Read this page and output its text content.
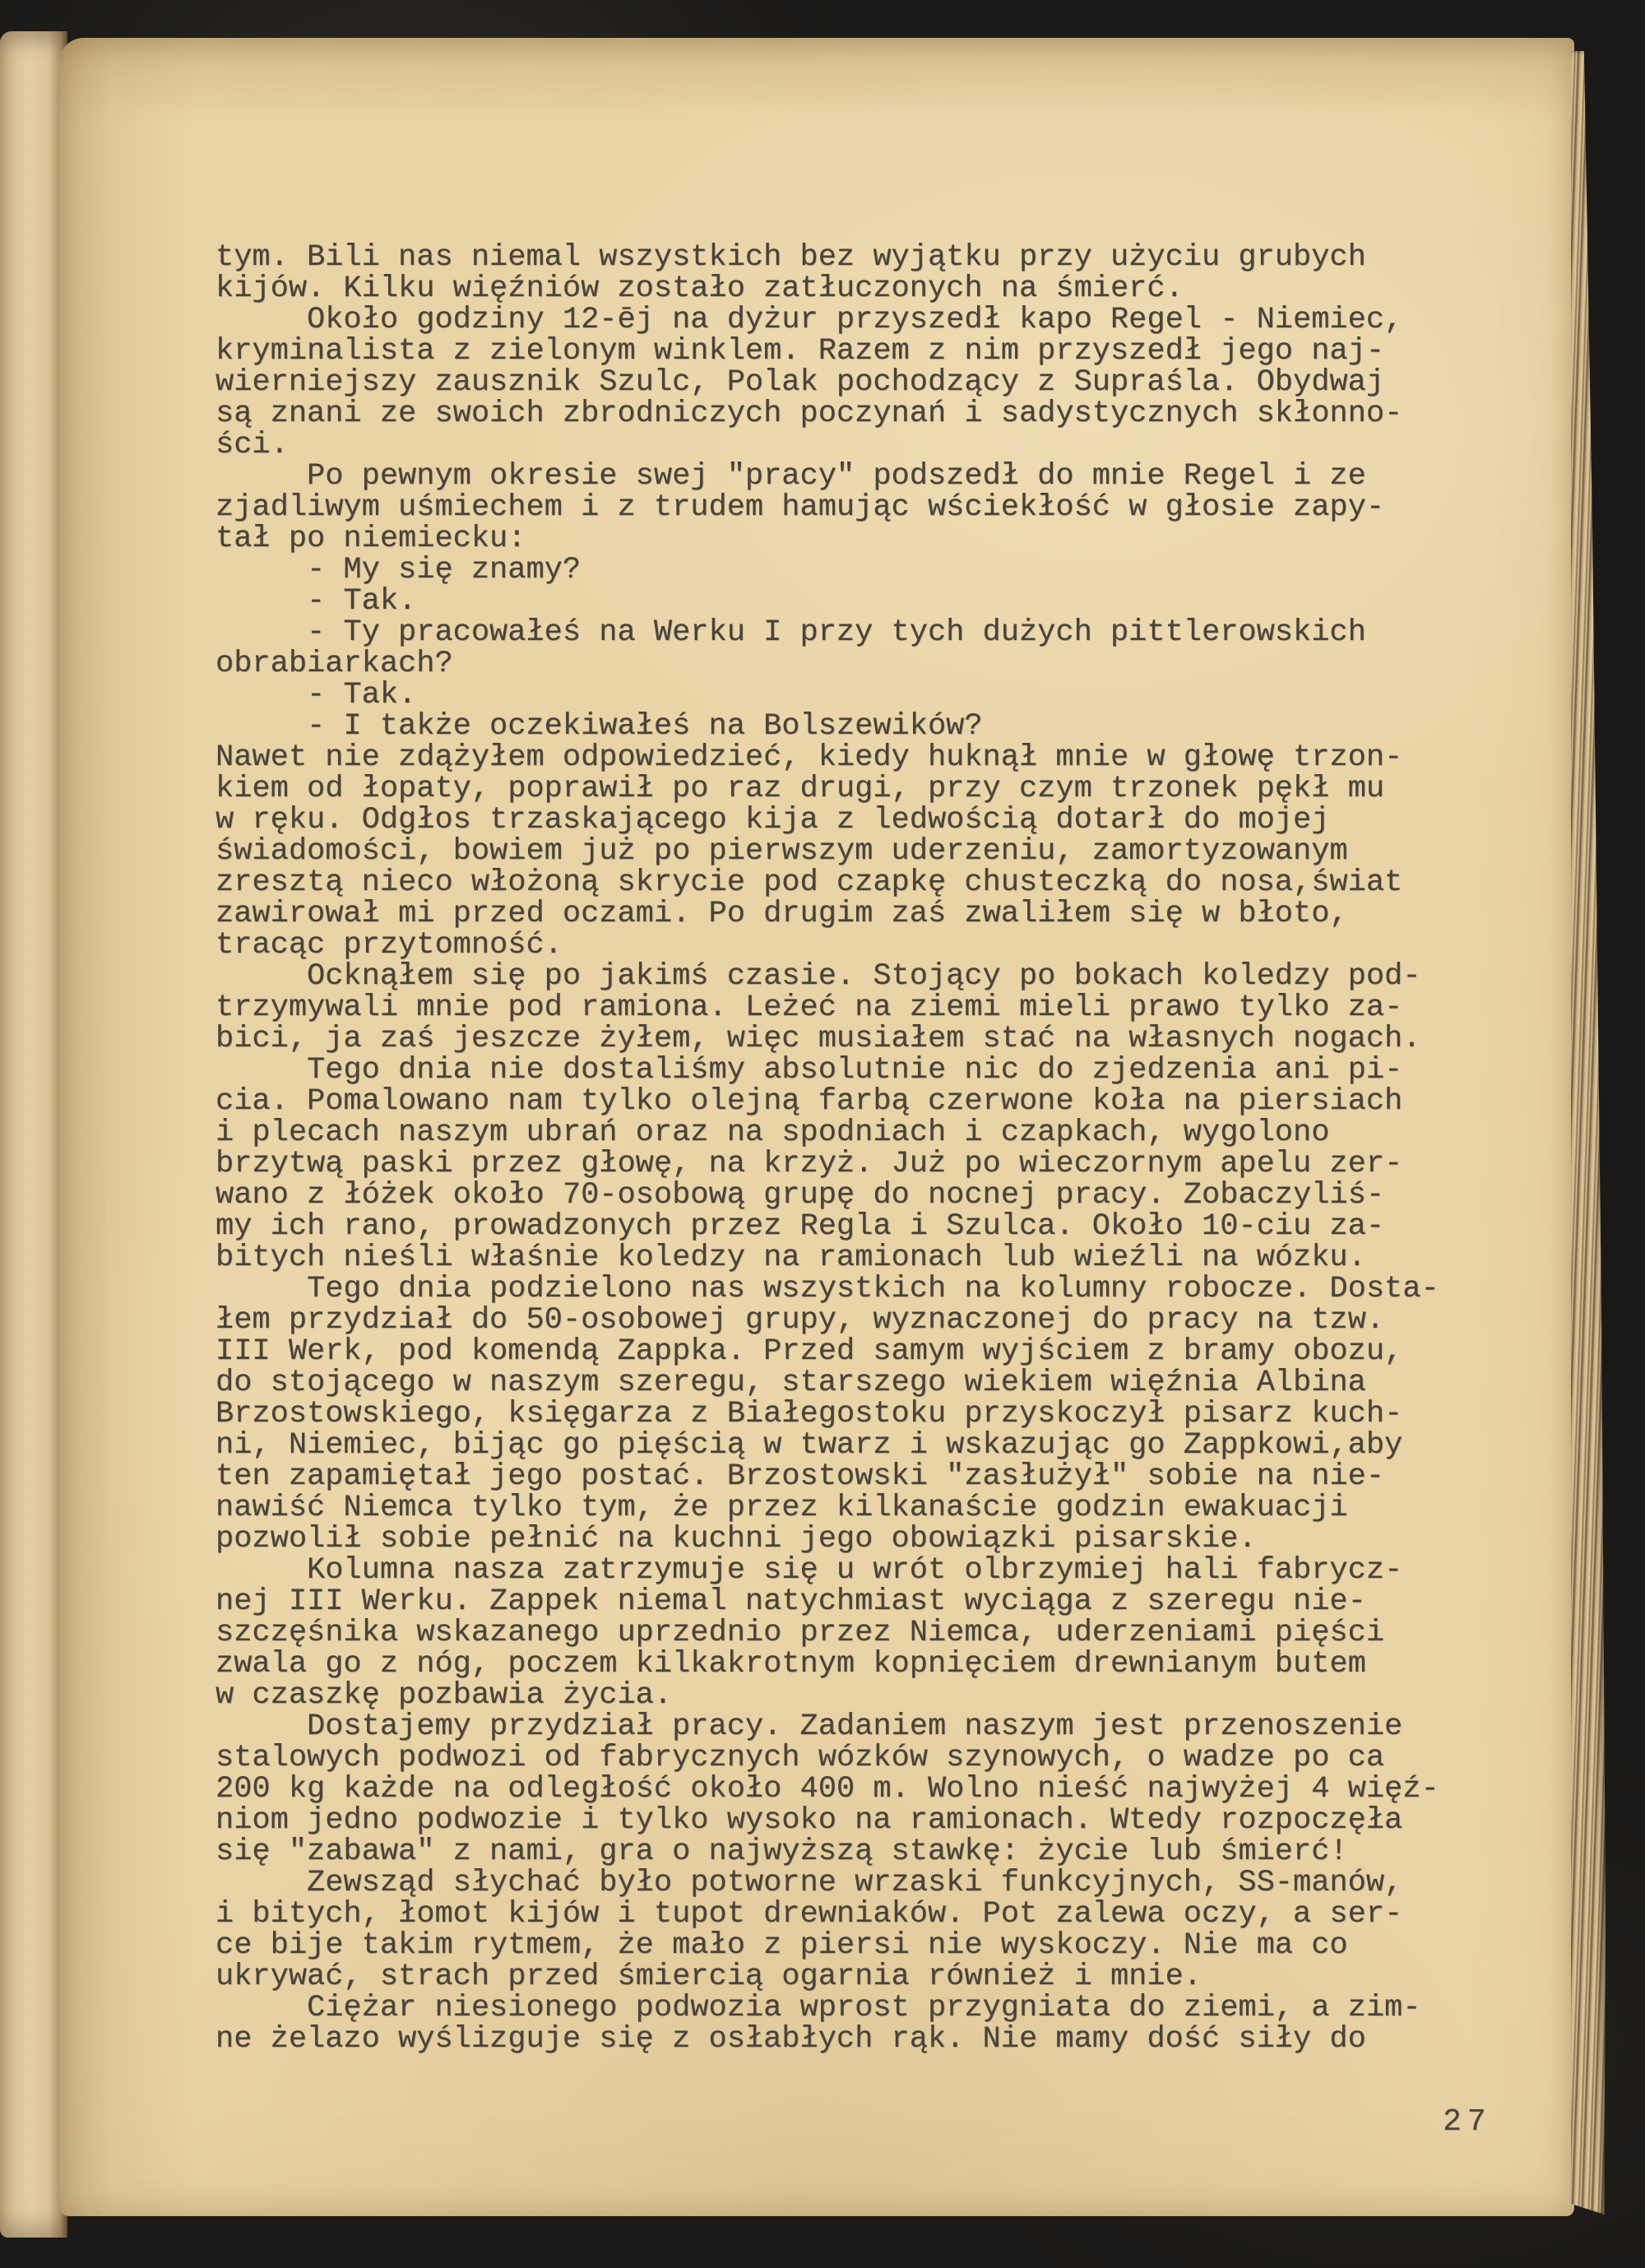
tym. Bili nas niemal wszystkich bez wyjątku przy użyciu grubych
kijów. Kilku więźniów zostało zatłuczonych na śmierć.
Około godziny 12-ēj na dyżur przyszedł kapo Regel - Niemiec,
kryminalista z zielonym winklem. Razem z nim przyszedł jego naj-
wierniejszy zausznik Szulc, Polak pochodzący z Supraśla. Obydwaj
są znani ze swoich zbrodniczych poczynań i sadystycznych skłonno-
ści.
Po pewnym okresie swej "pracy" podszedł do mnie Regel i ze
zjadliwym uśmiechem i z trudem hamując wściekłość w głosie zapy-
tał po niemiecku:
- My się znamy?
- Tak.
- Ty pracowałeś na Werku I przy tych dużych pittlerowskich
obrabiarkach?
- Tak.
- I także oczekiwałeś na Bolszewików?
Nawet nie zdążyłem odpowiedzieć, kiedy huknął mnie w głowę trzon-
kiem od łopaty, poprawił po raz drugi, przy czym trzonek pękł mu
w ręku. Odgłos trzaskającego kija z ledwością dotarł do mojej
świadomości, bowiem już po pierwszym uderzeniu, zamortyzowanym
zresztą nieco włożoną skrycie pod czapkę chusteczką do nosa,świat
zawirował mi przed oczami. Po drugim zaś zwaliłem się w błoto,
tracąc przytomność.
Ocknąłem się po jakimś czasie. Stojący po bokach koledzy pod-
trzymywali mnie pod ramiona. Leżeć na ziemi mieli prawo tylko za-
bici, ja zaś jeszcze żyłem, więc musiałem stać na własnych nogach.
Tego dnia nie dostaliśmy absolutnie nic do zjedzenia ani pi-
cia. Pomalowano nam tylko olejną farbą czerwone koła na piersiach
i plecach naszym ubrań oraz na spodniach i czapkach, wygolono
brzytwą paski przez głowę, na krzyż. Już po wieczornym apelu zer-
wano z łóżek około 70-osobową grupę do nocnej pracy. Zobaczyliś-
my ich rano, prowadzonych przez Regla i Szulca. Około 10-ciu za-
bitych nieśli właśnie koledzy na ramionach lub wieźli na wózku.
Tego dnia podzielono nas wszystkich na kolumny robocze. Dosta-
łem przydział do 50-osobowej grupy, wyznaczonej do pracy na tzw.
III Werk, pod komendą Zappka. Przed samym wyjściem z bramy obozu,
do stojącego w naszym szeregu, starszego wiekiem więźnia Albina
Brzostowskiego, księgarza z Białegostoku przyskoczył pisarz kuch-
ni, Niemiec, bijąc go pięścią w twarz i wskazując go Zappkowi,aby
ten zapamiętał jego postać. Brzostowski "zasłużył" sobie na nie-
nawiść Niemca tylko tym, że przez kilkanaście godzin ewakuacji
pozwolił sobie pełnić na kuchni jego obowiązki pisarskie.
Kolumna nasza zatrzymuje się u wrót olbrzymiej hali fabrycz-
nej III Werku. Zappek niemal natychmiast wyciąga z szeregu nie-
szczęśnika wskazanego uprzednio przez Niemca, uderzeniami pięści
zwala go z nóg, poczem kilkakrotnym kopnięciem drewnianym butem
w czaszkę pozbawia życia.
Dostajemy przydział pracy. Zadaniem naszym jest przenoszenie
stalowych podwozi od fabrycznych wózków szynowych, o wadze po ca
200 kg każde na odległość około 400 m. Wolno nieść najwyżej 4 więź-
niom jedno podwozie i tylko wysoko na ramionach. Wtedy rozpoczęła
się "zabawa" z nami, gra o najwyższą stawkę: życie lub śmierć!
Zewsząd słychać było potworne wrzaski funkcyjnych, SS-manów,
i bitych, łomot kijów i tupot drewniaków. Pot zalewa oczy, a ser-
ce bije takim rytmem, że mało z piersi nie wyskoczy. Nie ma co
ukrywać, strach przed śmiercią ogarnia również i mnie.
Ciężar niesionego podwozia wprost przygniata do ziemi, a zim-
ne żelazo wyślizguje się z osłabłych rąk. Nie mamy dość siły do
27
